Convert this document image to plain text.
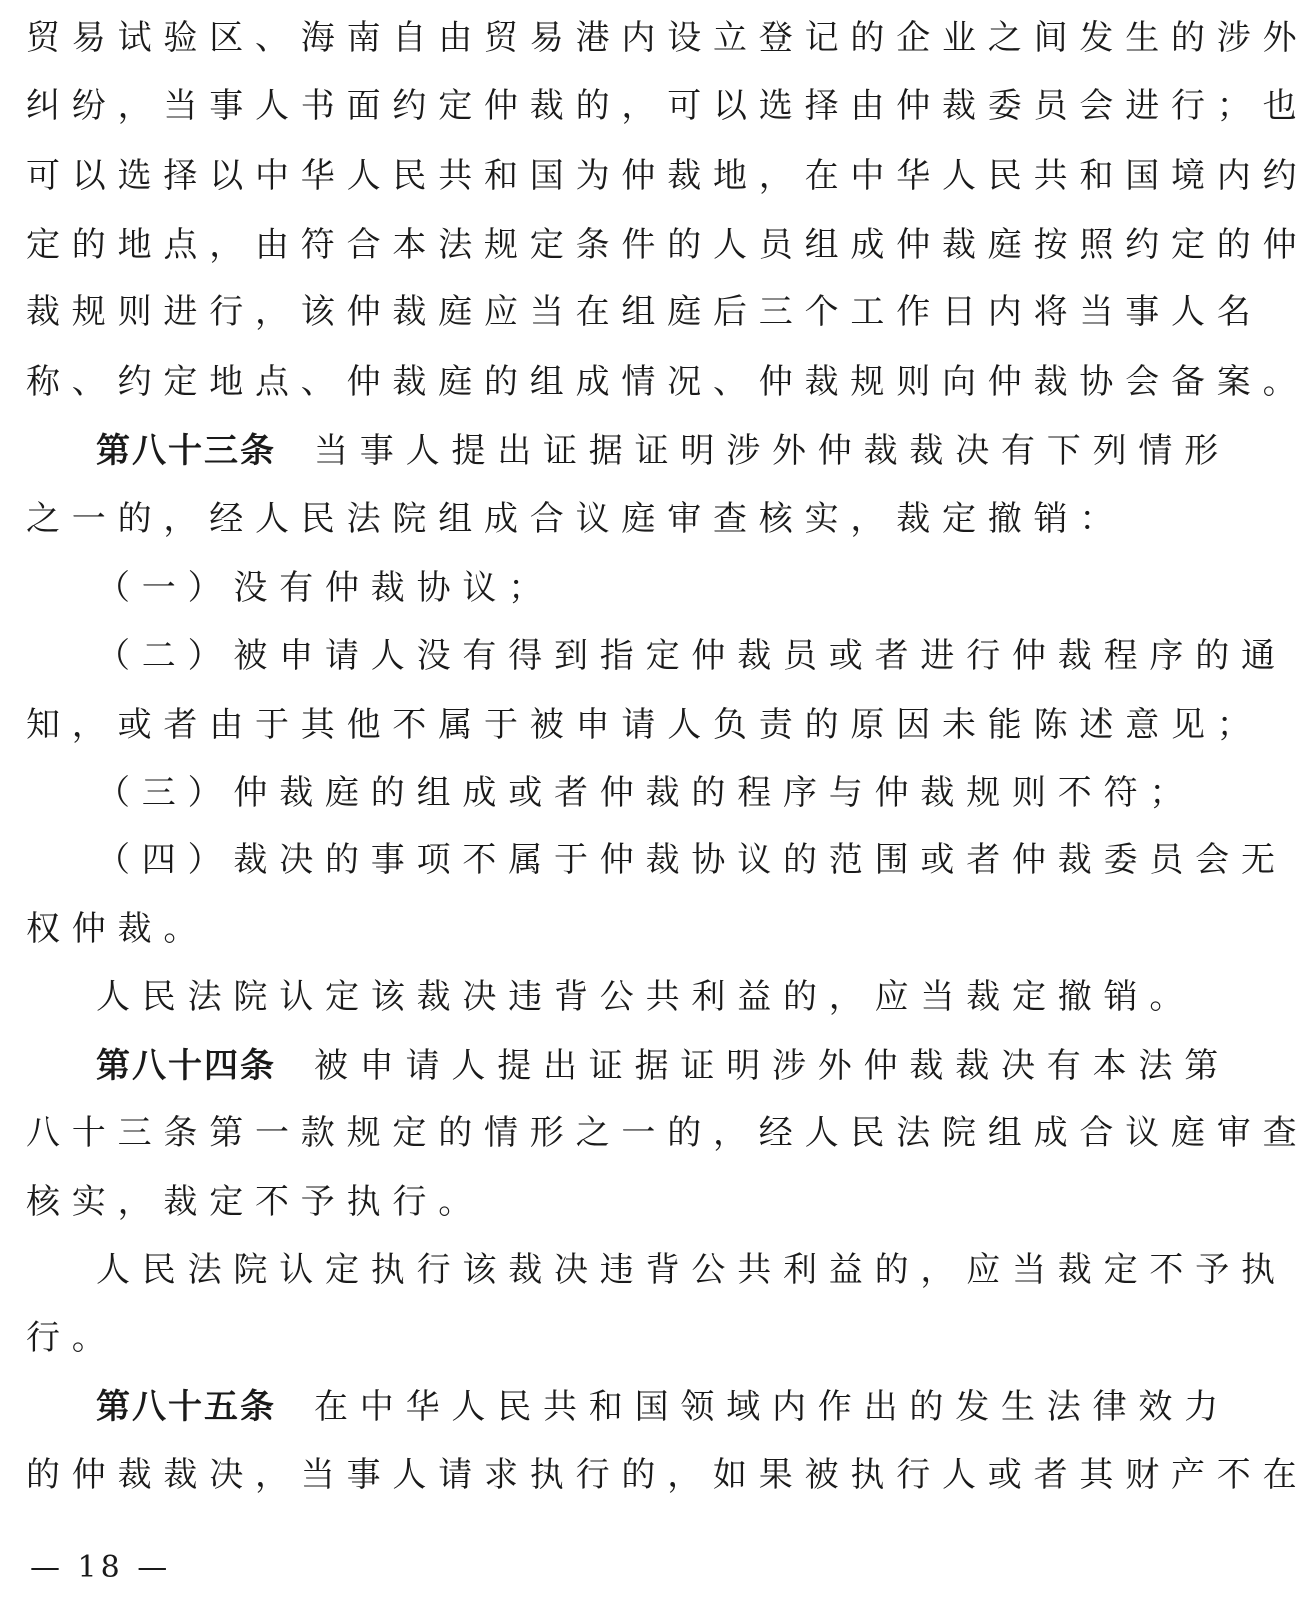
贸易试验区、海南自由贸易港内设立登记的企业之间发生的涉外
纠纷，当事人书面约定仲裁的，可以选择由仲裁委员会进行；也
可以选择以中华人民共和国为仲裁地，在中华人民共和国境内约
定的地点，由符合本法规定条件的人员组成仲裁庭按照约定的仲
裁规则进行，该仲裁庭应当在组庭后三个工作日内将当事人名
称、约定地点、仲裁庭的组成情况、仲裁规则向仲裁协会备案。
第八十三条 当事人提出证据证明涉外仲裁裁决有下列情形
之一的，经人民法院组成合议庭审查核实，裁定撤销：
（一）没有仲裁协议；
（二）被申请人没有得到指定仲裁员或者进行仲裁程序的通
知，或者由于其他不属于被申请人负责的原因未能陈述意见；
（三）仲裁庭的组成或者仲裁的程序与仲裁规则不符；
（四）裁决的事项不属于仲裁协议的范围或者仲裁委员会无
权仲裁。
人民法院认定该裁决违背公共利益的，应当裁定撤销。
第八十四条 被申请人提出证据证明涉外仲裁裁决有本法第
八十三条第一款规定的情形之一的，经人民法院组成合议庭审查
核实，裁定不予执行。
人民法院认定执行该裁决违背公共利益的，应当裁定不予执
行。
第八十五条 在中华人民共和国领域内作出的发生法律效力
的仲裁裁决，当事人请求执行的，如果被执行人或者其财产不在
— 18 —
